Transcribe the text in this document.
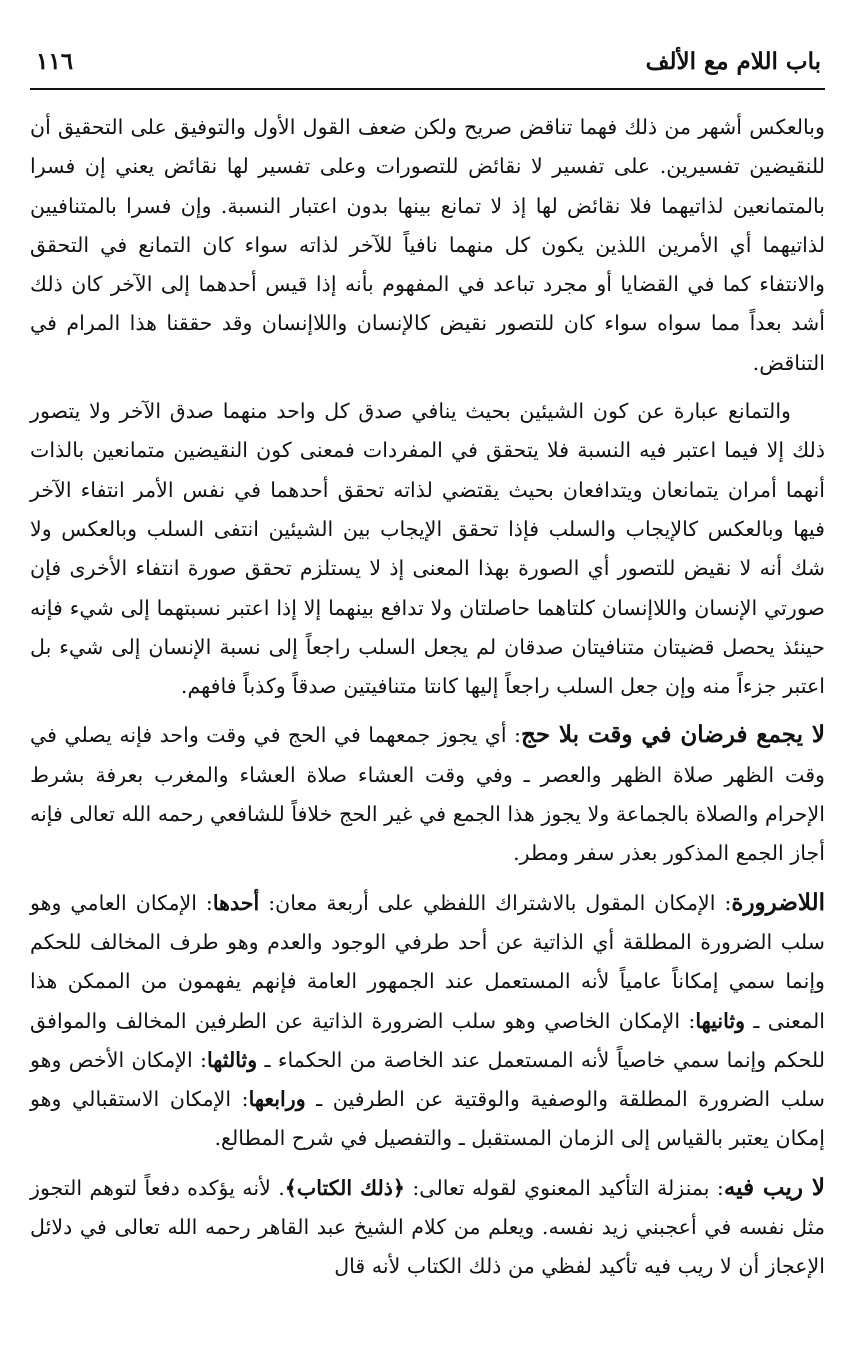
باب اللام مع الألف
١١٦

وبالعكس أشهر من ذلك فهما تناقض صريح ولكن ضعف القول الأول والتوفيق على التحقيق أن للنقيضين تفسيرين. على تفسير لا نقائض للتصورات وعلى تفسير لها نقائض يعني إن فسرا بالمتمانعين لذاتيهما فلا نقائض لها إذ لا تمانع بينها بدون اعتبار النسبة. وإن فسرا بالمتنافيين لذاتيهما أي الأمرين اللذين يكون كل منهما نافياً للآخر لذاته سواء كان التمانع في التحقق والانتفاء كما في القضايا أو مجرد تباعد في المفهوم بأنه إذا قيس أحدهما إلى الآخر كان ذلك أشد بعداً مما سواه سواء كان للتصور نقيض كالإنسان واللاإنسان وقد حققنا هذا المرام في التناقض.

والتمانع عبارة عن كون الشيئين بحيث ينافي صدق كل واحد منهما صدق الآخر ولا يتصور ذلك إلا فيما اعتبر فيه النسبة فلا يتحقق في المفردات فمعنى كون النقيضين متمانعين بالذات أنهما أمران يتمانعان ويتدافعان بحيث يقتضي لذاته تحقق أحدهما في نفس الأمر انتفاء الآخر فيها وبالعكس كالإيجاب والسلب فإذا تحقق الإيجاب بين الشيئين انتفى السلب وبالعكس ولا شك أنه لا نقيض للتصور أي الصورة بهذا المعنى إذ لا يستلزم تحقق صورة انتفاء الأخرى فإن صورتي الإنسان واللاإنسان كلتاهما حاصلتان ولا تدافع بينهما إلا إذا اعتبر نسبتهما إلى شيء فإنه حينئذ يحصل قضيتان متنافيتان صدقان لم يجعل السلب راجعاً إلى نسبة الإنسان إلى شيء بل اعتبر جزءاً منه وإن جعل السلب راجعاً إليها كانتا متنافيتين صدقاً وكذباً فافهم.

لا يجمع فرضان في وقت بلا حج: أي يجوز جمعهما في الحج في وقت واحد فإنه يصلي في وقت الظهر صلاة الظهر والعصر ـ وفي وقت العشاء صلاة العشاء والمغرب بعرفة بشرط الإحرام والصلاة بالجماعة ولا يجوز هذا الجمع في غير الحج خلافاً للشافعي رحمه الله تعالى فإنه أجاز الجمع المذكور بعذر سفر ومطر.

اللاضرورة: الإمكان المقول بالاشتراك اللفظي على أربعة معان: أحدها: الإمكان العامي وهو سلب الضرورة المطلقة أي الذاتية عن أحد طرفي الوجود والعدم وهو طرف المخالف للحكم وإنما سمي إمكاناً عامياً لأنه المستعمل عند الجمهور العامة فإنهم يفهمون من الممكن هذا المعنى ـ وثانيها: الإمكان الخاصي وهو سلب الضرورة الذاتية عن الطرفين المخالف والموافق للحكم وإنما سمي خاصياً لأنه المستعمل عند الخاصة من الحكماء ـ وثالثها: الإمكان الأخص وهو سلب الضرورة المطلقة والوصفية والوقتية عن الطرفين ـ ورابعها: الإمكان الاستقبالي وهو إمكان يعتبر بالقياس إلى الزمان المستقبل ـ والتفصيل في شرح المطالع.

لا ريب فيه: بمنزلة التأكيد المعنوي لقوله تعالى: ﴿ذلك الكتاب﴾. لأنه يؤكده دفعاً لتوهم التجوز مثل نفسه في أعجبني زيد نفسه. ويعلم من كلام الشيخ عبد القاهر رحمه الله تعالى في دلائل الإعجاز أن لا ريب فيه تأكيد لفظي من ذلك الكتاب لأنه قال
